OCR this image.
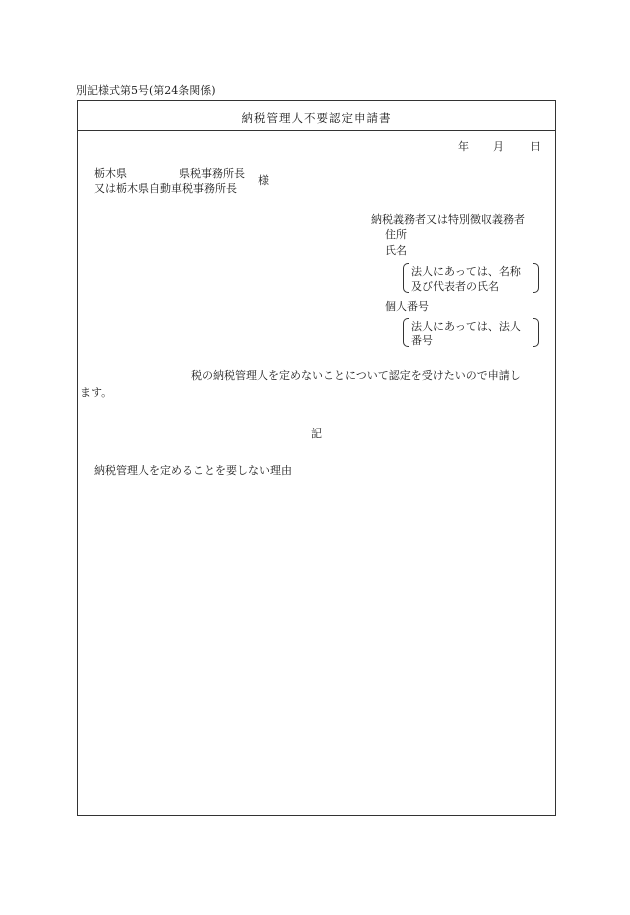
別記様式第5号(第24条関係)
納税管理人不要認定申請書
年 月 日
栃木県	県税事務所長
又は栃木県自動車税事務所長
様
納税義務者又は特別徴収義務者
住所
氏名
法人にあっては、名称
及び代表者の氏名
個人番号
法人にあっては、法人
番号
税の納税管理人を定めないことについて認定を受けたいので申請し
ます。
記
納税管理人を定めることを要しない理由
